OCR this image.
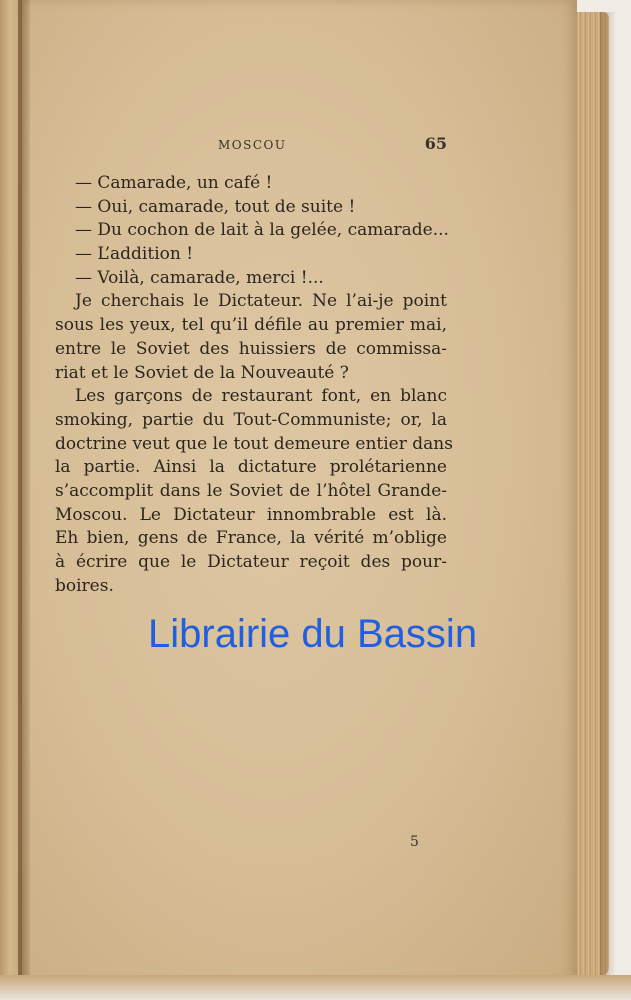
MOSCOU	65
— Camarade, un café !
— Oui, camarade, tout de suite !
— Du cochon de lait à la gelée, camarade...
— L’addition !
— Voilà, camarade, merci !...
Je cherchais le Dictateur. Ne l’ai-je point
sous les yeux, tel qu’il défile au premier mai,
entre le Soviet des huissiers de commissa-
riat et le Soviet de la Nouveauté ?
Les garçons de restaurant font, en blanc
smoking, partie du Tout-Communiste; or, la
doctrine veut que le tout demeure entier dans
la partie. Ainsi la dictature prolétarienne
s’accomplit dans le Soviet de l’hôtel Grande-
Moscou. Le Dictateur innombrable est là.
Eh bien, gens de France, la vérité m’oblige
à écrire que le Dictateur reçoit des pour-
boires.
Librairie du Bassin
5
